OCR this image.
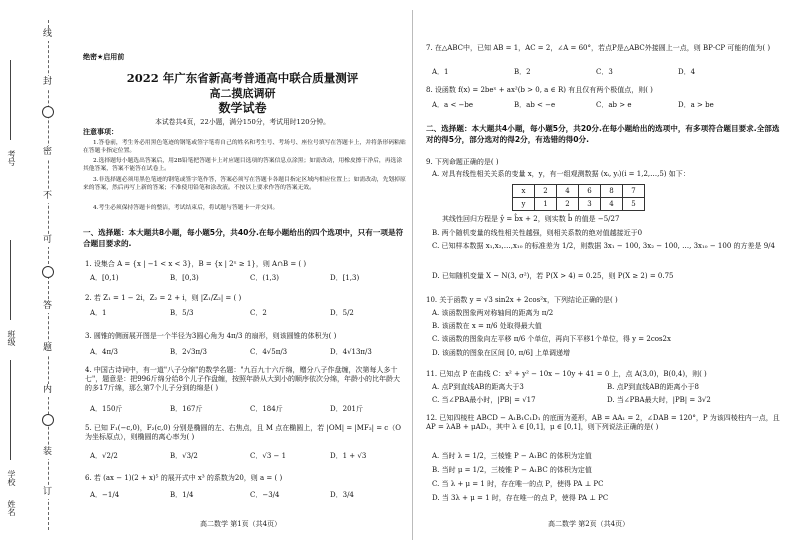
线
封
密
不
可
答
题
内
装
订
考号
班级
学校
姓名
绝密★启用前
2022 年广东省新高考普通高中联合质量测评
高二摸底调研
数学试卷
本试卷共4页，22小题，满分150分，考试用时120分钟。
注意事项：
1.答卷前，考生务必用黑色笔迹的钢笔或签字笔将自己的姓名和考生号、考场号、座位号填写在答题卡上，并将条形码粘贴在答题卡指定位置。
2.选择题每小题选出答案后，用2B铅笔把答题卡上对应题目选项的答案信息点涂黑；如需改动，用橡皮擦干净后，再选涂其他答案，答案不能答在试卷上。
3.非选择题必须用黑色笔迹的钢笔或签字笔作答，答案必须写在答题卡各题目指定区域内相应位置上；如需改动，先划掉原来的答案，然后再写上新的答案；不准使用铅笔和涂改液。不按以上要求作答的答案无效。
4.考生必须保持答题卡的整洁，考试结束后，将试题与答题卡一并交回。
一、选择题：本大题共8小题，每小题5分，共40分.在每小题给出的四个选项中，只有一项是符合题目要求的.
1. 设集合 A = {x | −1 < x < 3}，B = {x | 2ˣ ≥ 1}，则 A∩B = ( )
A．[0,1)	B．[0,3)	C．(1,3)	D．[1,3)
2. 若 Z₁ = 1 − 2i，Z₂ = 2 + i，则 |Z₁/Z₂| = ( )
A．1	B．5/3	C．2	D．5/2
3. 圆锥的侧面展开图是一个半径为3圆心角为 4π/3 的扇形，则该圆锥的体积为( )
A．4π/3	B．2√3π/3	C．4√5π/3	D．4√13π/3
4. 中国古诗词中，有一道"八子分绵"的数学名题："九百九十六斤绵，赠分八子作盘缠，次第每人多十七"，题意是：把996斤绵分给8个儿子作盘缠，按照年龄从大到小的顺序依次分绵，年龄小的比年龄大的多17斤绵，那么第7个儿子分到的绵是( )
A．150斤	B．167斤	C．184斤	D．201斤
5. 已知 F₁(−c,0)，F₂(c,0) 分别是椭圆的左、右焦点，且 M 点在椭圆上，若 |OM| = |MF₂| = c（O为坐标原点），则椭圆的离心率为( )
A．√2/2	B．√3/2	C．√3 − 1	D．1 + √3
6. 若 (ax − 1)(2 + x)⁵ 的展开式中 x³ 的系数为20，则 a = ( )
A．−1/4	B．1/4	C．−3/4	D．3/4
高二数学 第1页（共4页）
7. 在△ABC中，已知 AB = 1，AC = 2，∠A = 60°，若点P是△ABC外接圆上一点，则 BP·CP 可能的值为( )
A．1	B．2	C．3	D．4
8. 设函数 f(x) = 2beˣ + ax²(b > 0, a ∈ R) 有且仅有两个极值点，则( )
A．a < −be	B．ab < −e	C．ab > e	D．a > be
二、选择题：本大题共4小题，每小题5分，共20分.在每小题给出的选项中，有多项符合题目要求.全部选对的得5分，部分选对的得2分，有选错的得0分.
9. 下列命题正确的是( )
A. 对具有线性相关关系的变量 x，y，有一组观测数据 (xᵢ, yᵢ)(i = 1,2,…,5) 如下：
x	2	4	6	8	7
y	1	2	3	4	5
其线性回归方程是 ŷ = b̂x + 2，则实数 b̂ 的值是 −5/27
B. 两个随机变量的线性相关性越强，则相关系数的绝对值越接近于0
C. 已知样本数据 x₁,x₂,…,x₁₀ 的标准差为 1/2，则数据 3x₁ − 100, 3x₂ − 100, …, 3x₁₀ − 100 的方差是 9/4
D. 已知随机变量 X ~ N(3, σ²)，若 P(X > 4) = 0.25，则 P(X ≥ 2) = 0.75
10. 关于函数 y = √3 sin2x + 2cos²x，下列结论正确的是( )
A. 该函数图象两对称轴间的距离为 π/2
B. 该函数在 x = π/6 处取得最大值
C. 该函数的图象向左平移 π/6 个单位，再向下平移1个单位，得 y = 2cos2x
D. 该函数的图象在区间 [0, π/6] 上单调递增
11. 已知点 P 在曲线 C：x² + y² − 10x − 10y + 41 = 0 上，点 A(3,0)，B(0,4)，则( )
A. 点P到直线AB的距离大于3	B. 点P到直线AB的距离小于8
C. 当∠PBA最小时，|PB| = √17	D. 当∠PBA最大时，|PB| = 3√2
12. 已知四棱柱 ABCD − A₁B₁C₁D₁ 的底面为菱形，AB = AA₁ = 2，∠DAB = 120°，P 为该四棱柱内一点，且 AP = λAB + μAD₁，其中 λ ∈ [0,1]，μ ∈ [0,1]，则下列说法正确的是( )
A. 当时 λ = 1/2，三棱锥 P − A₁BC 的体积为定值
B. 当时 μ = 1/2，三棱锥 P − A₁BC 的体积为定值
C. 当 λ + μ = 1 时，存在唯一的点 P，使得 PA ⊥ PC
D. 当 3λ + μ = 1 时，存在唯一的点 P，使得 PA ⊥ PC
高二数学 第2页（共4页）
